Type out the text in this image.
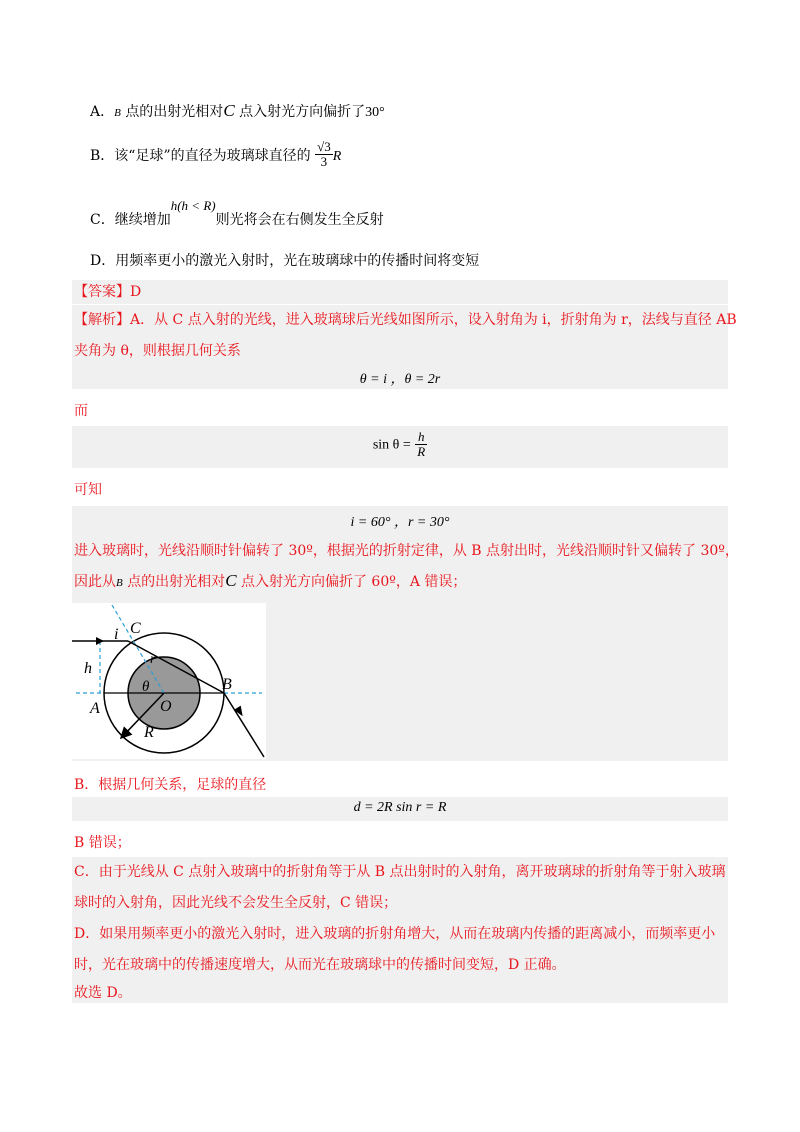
A．B 点的出射光相对C 点入射光方向偏折了30°
B．该“足球”的直径为玻璃球直径的 $\frac{√3}{3}$ R
C．继续增加h(h < R)则光将会在右侧发生全反射
D．用频率更小的激光入射时，光在玻璃球中的传播时间将变短
【答案】D
【解析】A．从 C 点入射的光线，进入玻璃球后光线如图所示，设入射角为 i，折射角为 r，法线与直径 AB
夹角为 θ，则根据几何关系
θ = i ，θ = 2r
而
$\sin \theta = \frac{h}{R}$
可知
i = 60° ，r = 30°
进入玻璃时，光线沿顺时针偏转了 30º，根据光的折射定律，从 B 点射出时，光线沿顺时针又偏转了 30º，
因此从B 点的出射光相对C 点入射光方向偏折了 60º，A 错误；
i C
r
h
θ	B
A	O
R
B．根据几何关系，足球的直径
d = 2R sin r = R
B 错误；
C．由于光线从 C 点射入玻璃中的折射角等于从 B 点出射时的入射角，离开玻璃球的折射角等于射入玻璃
球时的入射角，因此光线不会发生全反射，C 错误；
D．如果用频率更小的激光入射时，进入玻璃的折射角增大，从而在玻璃内传播的距离减小，而频率更小
时，光在玻璃中的传播速度增大，从而光在玻璃球中的传播时间变短，D 正确。
故选 D。
